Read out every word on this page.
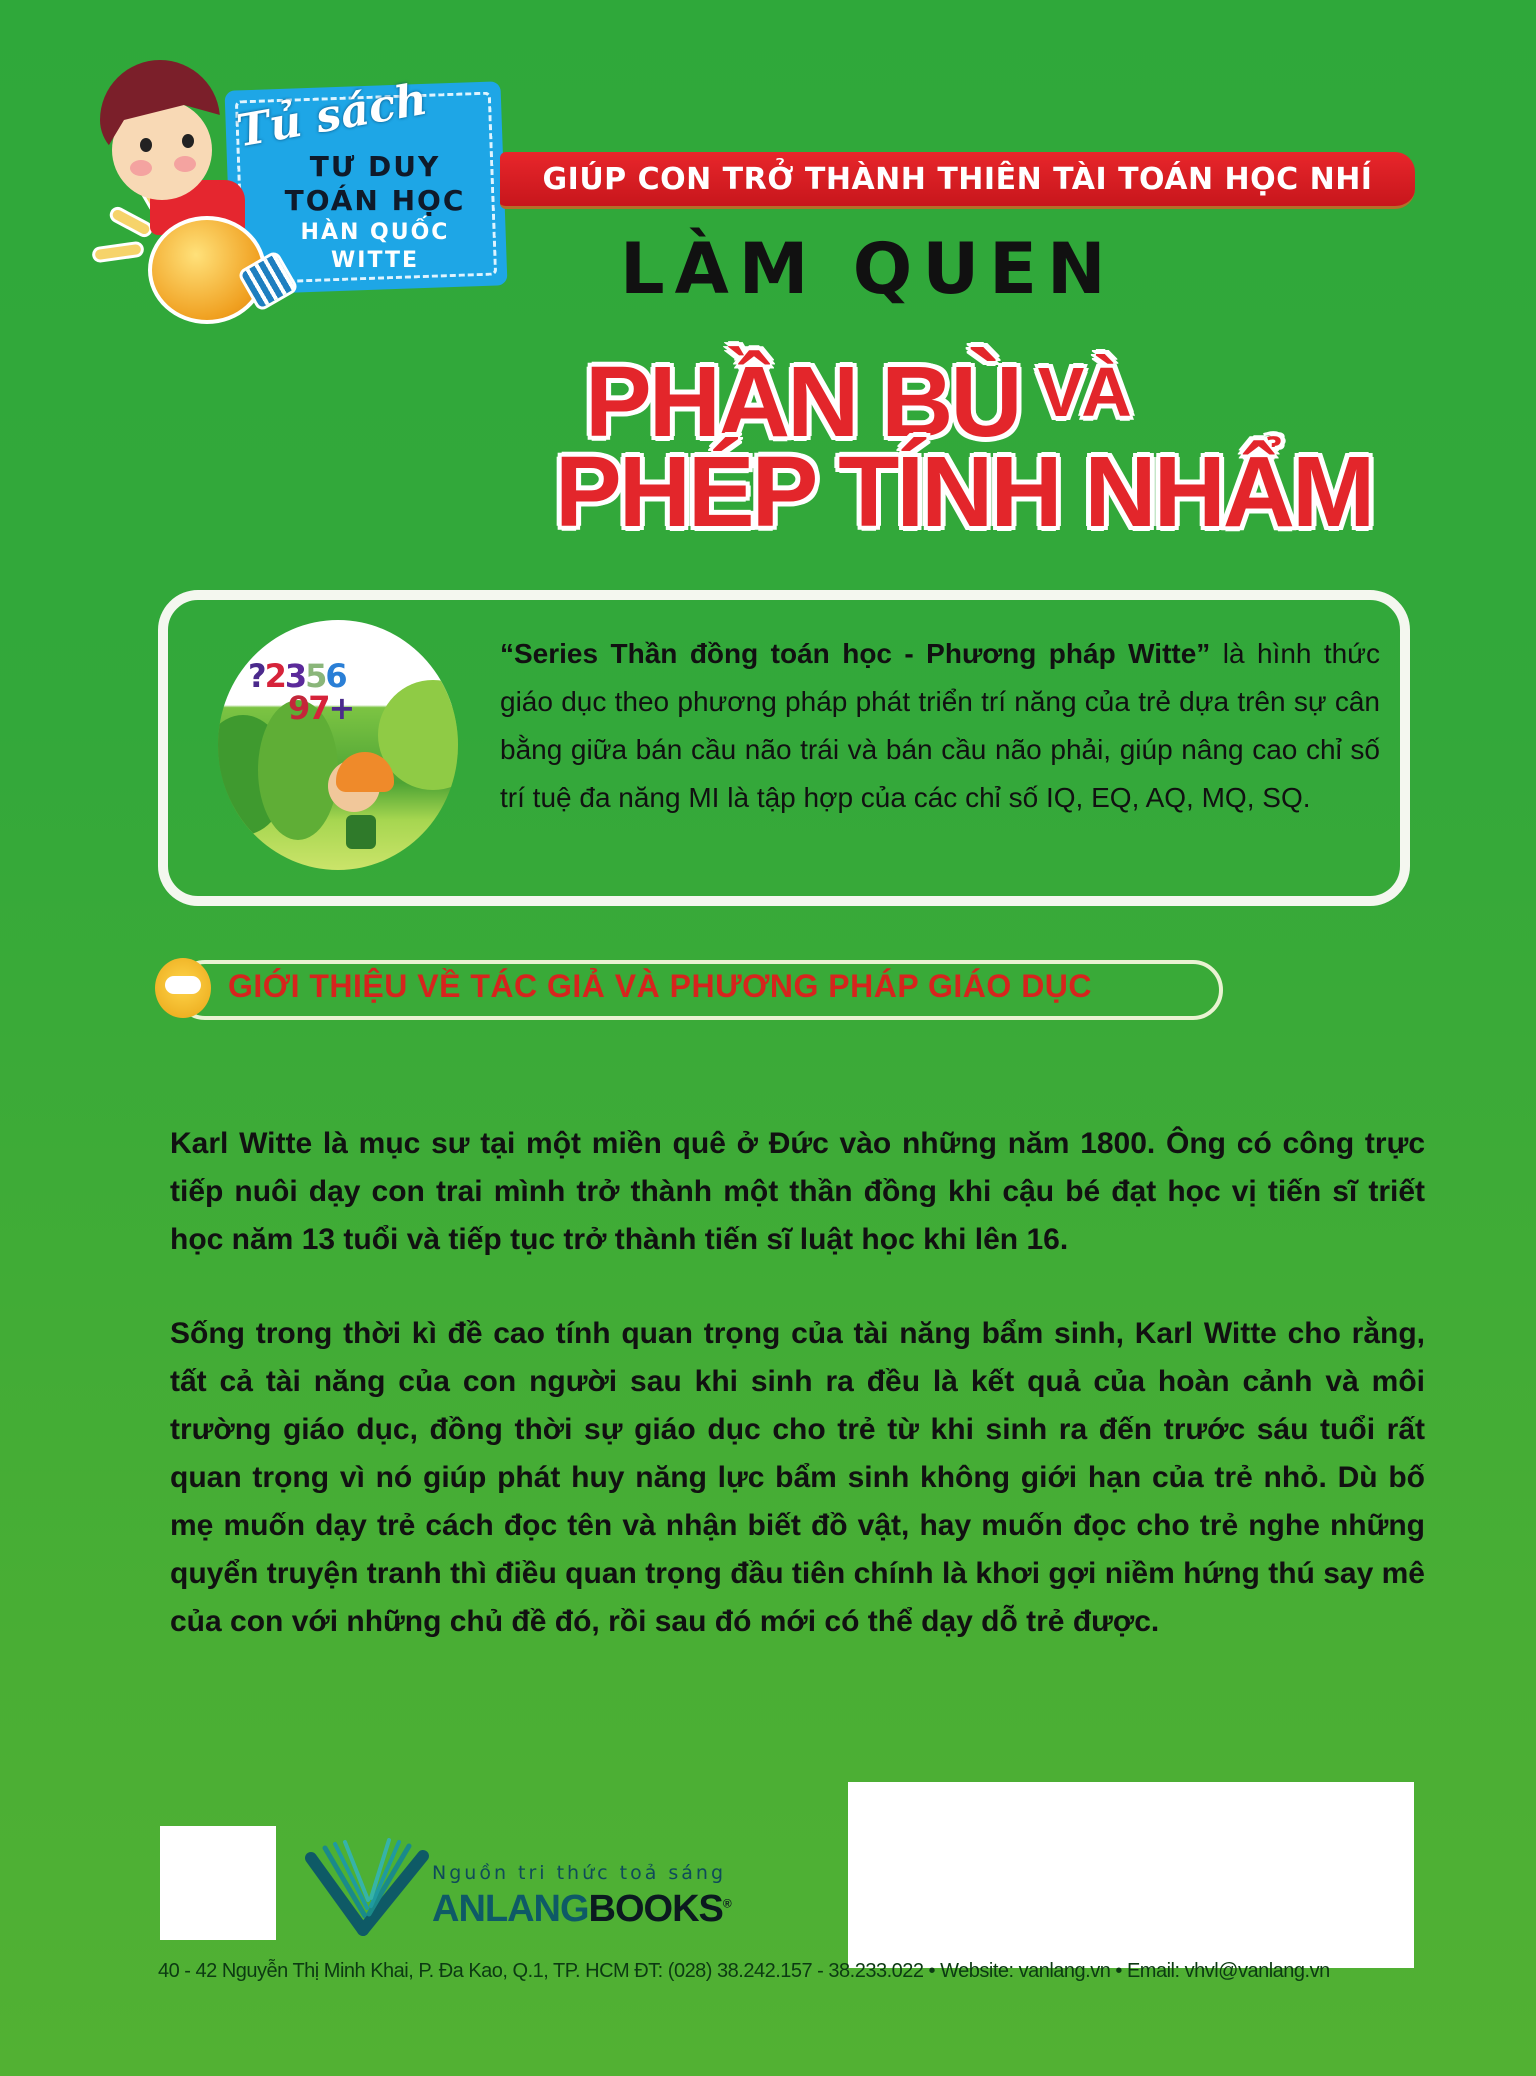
Tủ sách
TƯ DUY
TOÁN HỌC
HÀN QUỐC
WITTE
GIÚP CON TRỞ THÀNH THIÊN TÀI TOÁN HỌC NHÍ
LÀM QUEN
PHẦN BÙ $^{VÀ}$
PHÉP TÍNH NHẨM
?2356
97+
“Series Thần đồng toán học - Phương pháp Witte” là hình thức giáo dục theo phương pháp phát triển trí năng của trẻ dựa trên sự cân bằng giữa bán cầu não trái và bán cầu não phải, giúp nâng cao chỉ số trí tuệ đa năng MI là tập hợp của các chỉ số IQ, EQ, AQ, MQ, SQ.
GIỚI THIỆU VỀ TÁC GIẢ VÀ PHƯƠNG PHÁP GIÁO DỤC
Karl Witte là mục sư tại một miền quê ở Đức vào những năm 1800. Ông có công trực tiếp nuôi dạy con trai mình trở thành một thần đồng khi cậu bé đạt học vị tiến sĩ triết học năm 13 tuổi và tiếp tục trở thành tiến sĩ luật học khi lên 16.
Sống trong thời kì đề cao tính quan trọng của tài năng bẩm sinh, Karl Witte cho rằng, tất cả tài năng của con người sau khi sinh ra đều là kết quả của hoàn cảnh và môi trường giáo dục, đồng thời sự giáo dục cho trẻ từ khi sinh ra đến trước sáu tuổi rất quan trọng vì nó giúp phát huy năng lực bẩm sinh không giới hạn của trẻ nhỏ. Dù bố mẹ muốn dạy trẻ cách đọc tên và nhận biết đồ vật, hay muốn đọc cho trẻ nghe những quyển truyện tranh thì điều quan trọng đầu tiên chính là khơi gợi niềm hứng thú say mê của con với những chủ đề đó, rồi sau đó mới có thể dạy dỗ trẻ được.
Nguồn tri thức toả sáng
ANLANGBOOKS®
40 - 42 Nguyễn Thị Minh Khai, P. Đa Kao, Q.1, TP. HCM ĐT: (028) 38.242.157 - 38.233.022 • Website: vanlang.vn • Email: vhvl@vanlang.vn
